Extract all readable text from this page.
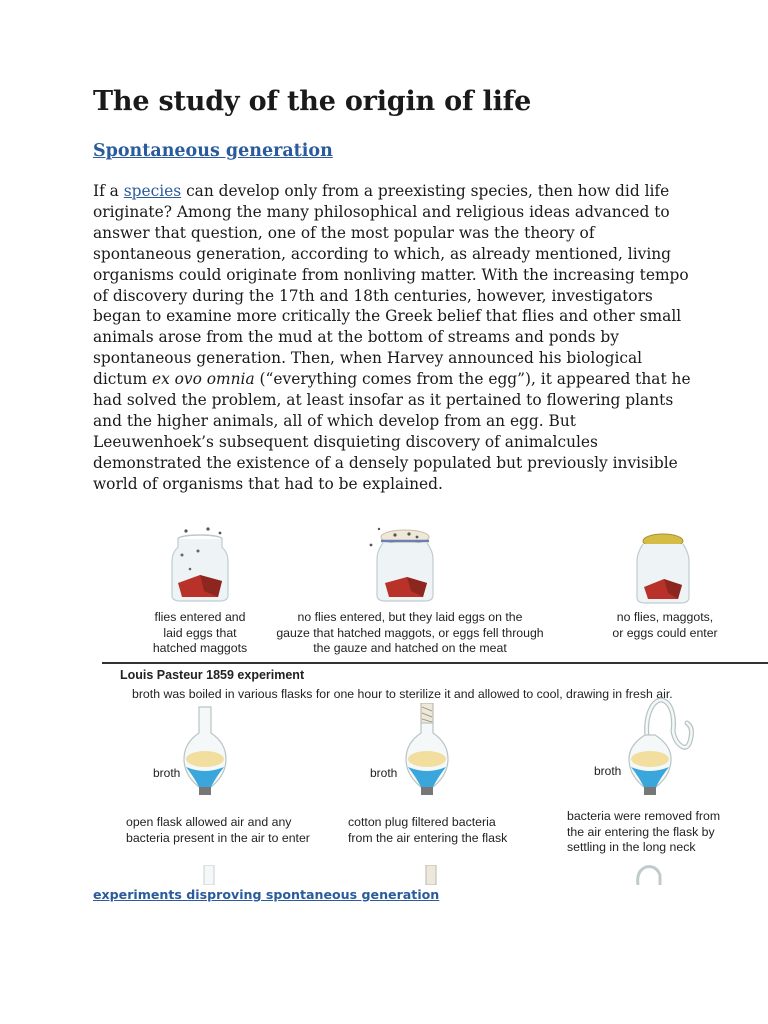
The study of the origin of life
Spontaneous generation

If a species can develop only from a preexisting species, then how did life originate? Among the many philosophical and religious ideas advanced to answer that question, one of the most popular was the theory of spontaneous generation, according to which, as already mentioned, living organisms could originate from nonliving matter. With the increasing tempo of discovery during the 17th and 18th centuries, however, investigators began to examine more critically the Greek belief that flies and other small animals arose from the mud at the bottom of streams and ponds by spontaneous generation. Then, when Harvey announced his biological dictum ex ovo omnia (“everything comes from the egg”), it appeared that he had solved the problem, at least insofar as it pertained to flowering plants and the higher animals, all of which develop from an egg. But Leeuwenhoek’s subsequent disquieting discovery of animalcules demonstrated the existence of a densely populated but previously invisible world of organisms that had to be explained.

flies entered and
laid eggs that
hatched maggots
no flies entered, but they laid eggs on the
gauze that hatched maggots, or eggs fell through
the gauze and hatched on the meat
no flies, maggots,
or eggs could enter
Louis Pasteur 1859 experiment
broth was boiled in various flasks for one hour to sterilize it and allowed to cool, drawing in fresh air.
broth
open flask allowed air and any
bacteria present in the air to enter
broth
cotton plug filtered bacteria
from the air entering the flask
broth
bacteria were removed from
the air entering the flask by
settling in the long neck
experiments disproving spontaneous generation
